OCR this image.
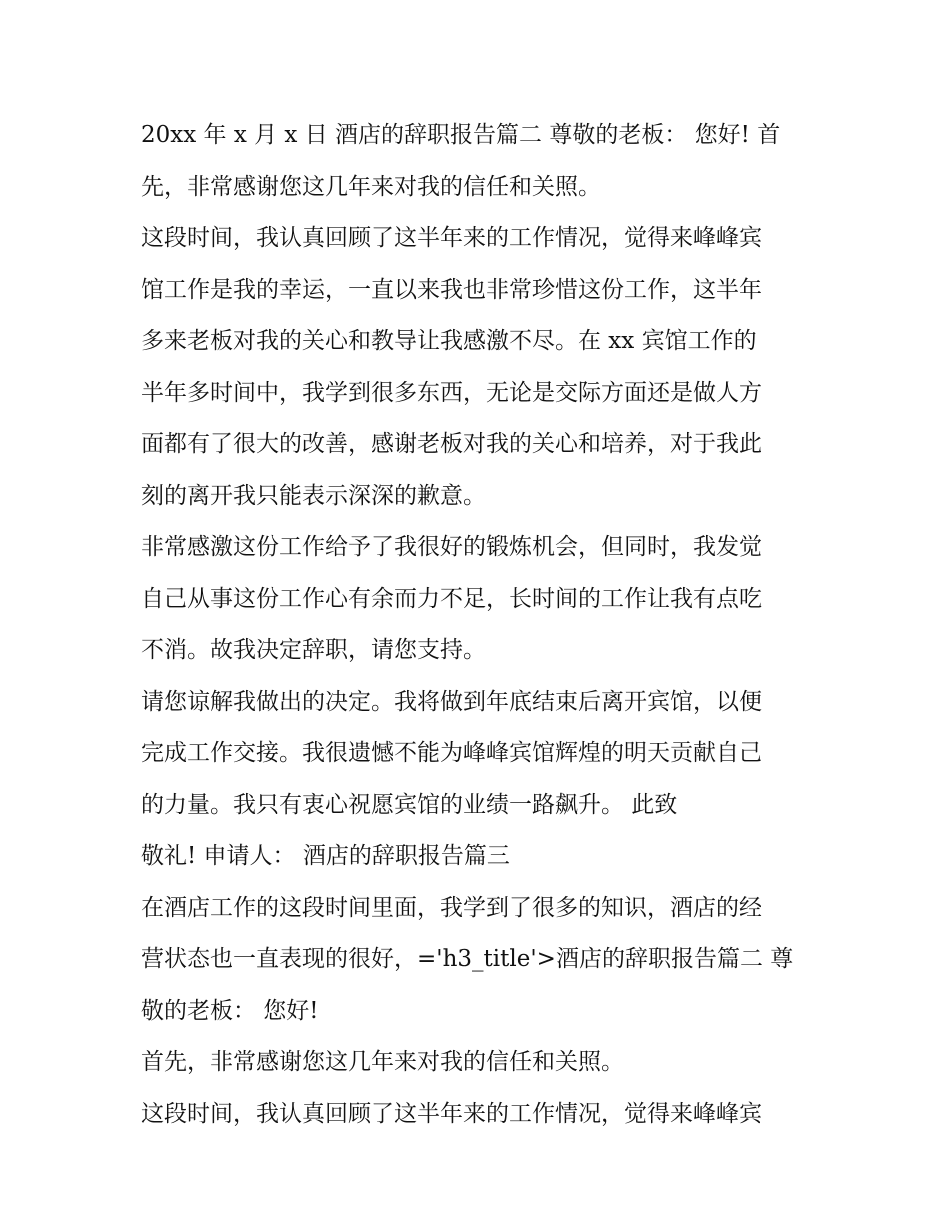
20xx 年 x 月 x 日 酒店的辞职报告篇二 尊敬的老板： 您好! 首
先，非常感谢您这几年来对我的信任和关照。
这段时间，我认真回顾了这半年来的工作情况，觉得来峰峰宾
馆工作是我的幸运，一直以来我也非常珍惜这份工作，这半年
多来老板对我的关心和教导让我感激不尽。在 xx 宾馆工作的
半年多时间中，我学到很多东西，无论是交际方面还是做人方
面都有了很大的改善，感谢老板对我的关心和培养，对于我此
刻的离开我只能表示深深的歉意。
非常感激这份工作给予了我很好的锻炼机会，但同时，我发觉
自己从事这份工作心有余而力不足，长时间的工作让我有点吃
不消。故我决定辞职，请您支持。
请您谅解我做出的决定。我将做到年底结束后离开宾馆，以便
完成工作交接。我很遗憾不能为峰峰宾馆辉煌的明天贡献自己
的力量。我只有衷心祝愿宾馆的业绩一路飙升。 此致
敬礼! 申请人： 酒店的辞职报告篇三
在酒店工作的这段时间里面，我学到了很多的知识，酒店的经
营状态也一直表现的很好，='h3_title'>酒店的辞职报告篇二 尊
敬的老板： 您好!
首先，非常感谢您这几年来对我的信任和关照。
这段时间，我认真回顾了这半年来的工作情况，觉得来峰峰宾
